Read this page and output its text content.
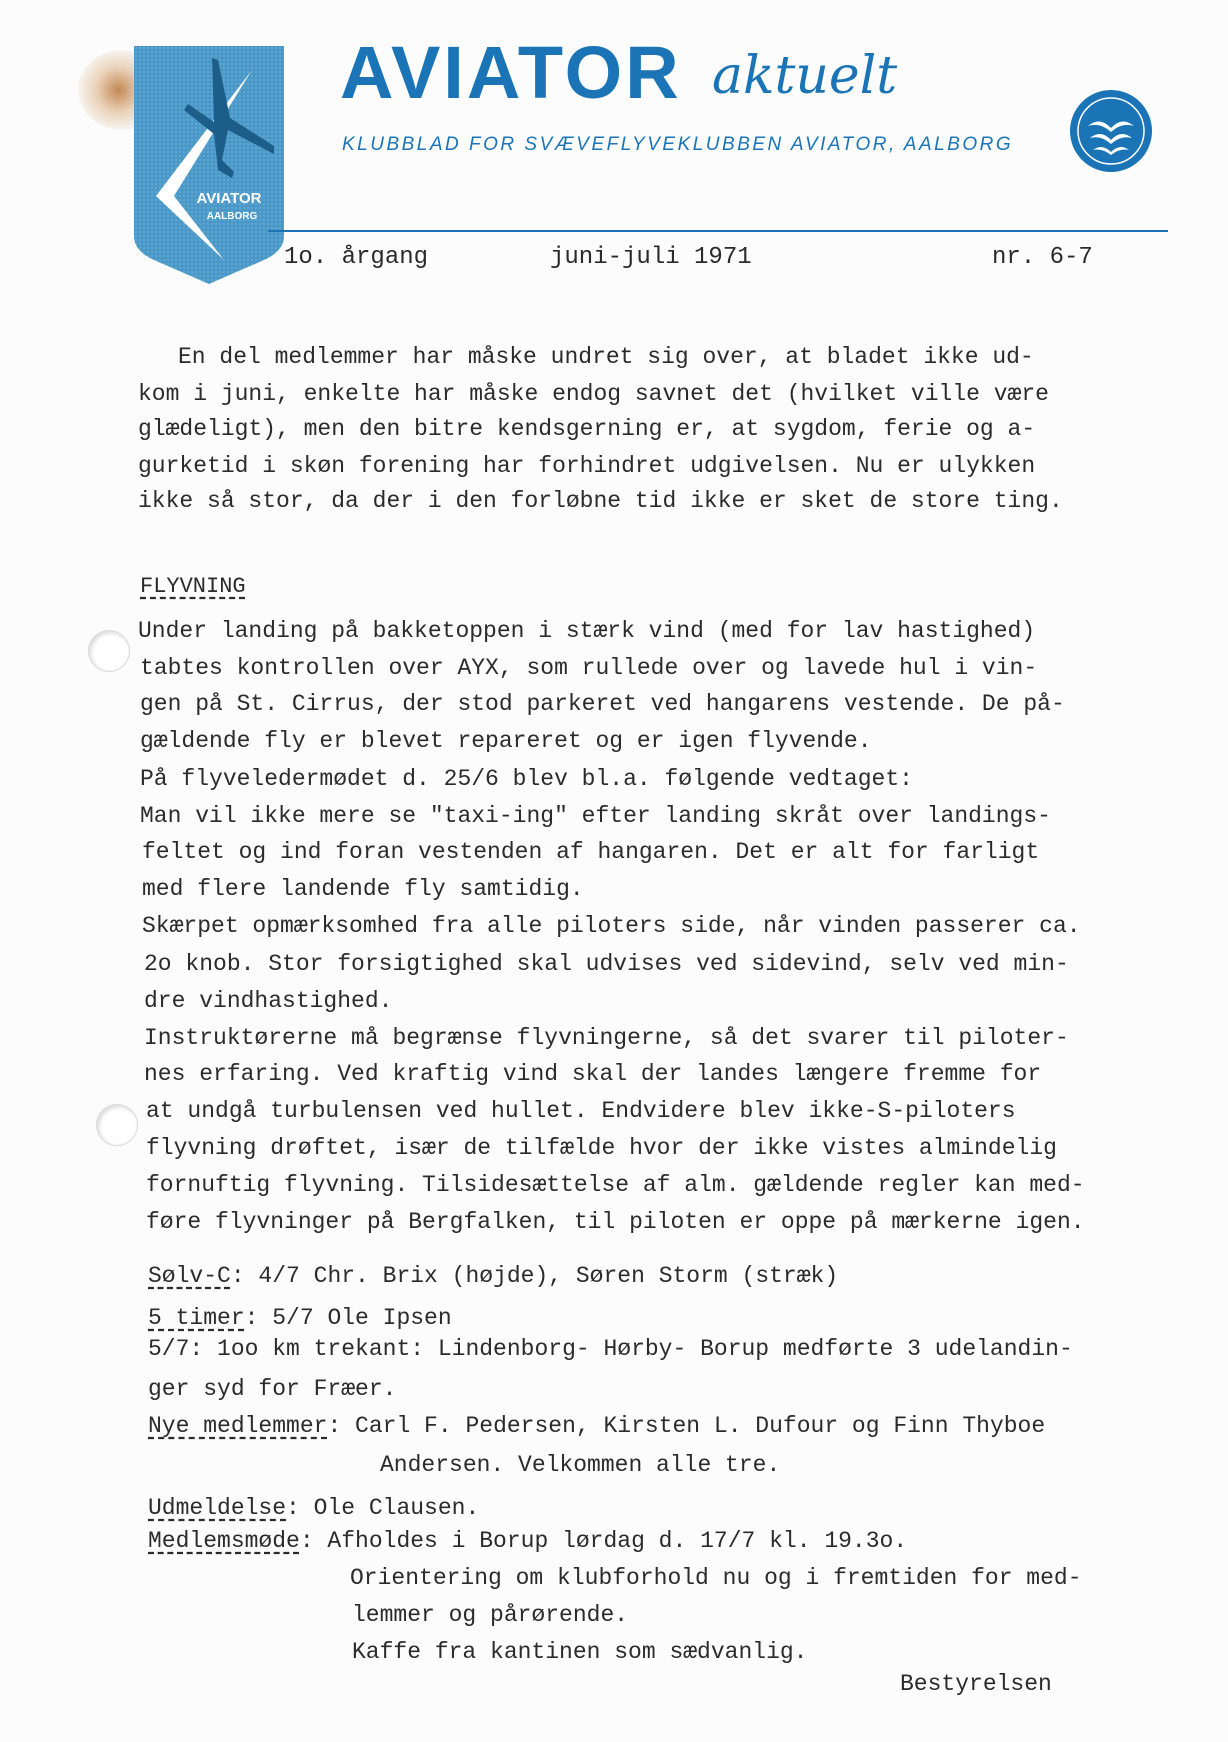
AVIATOR
AALBORG
AVIATOR aktuelt
KLUBBLAD FOR SVÆVEFLYVEKLUBBEN AVIATOR, AALBORG
1o. årgang	juni-juli 1971	nr. 6-7
En del medlemmer har måske undret sig over, at bladet ikke ud-
kom i juni, enkelte har måske endog savnet det (hvilket ville være
glædeligt), men den bitre kendsgerning er, at sygdom, ferie og a-
gurketid i skøn forening har forhindret udgivelsen. Nu er ulykken
ikke så stor, da der i den forløbne tid ikke er sket de store ting.
FLYVNING
Under landing på bakketoppen i stærk vind (med for lav hastighed)
tabtes kontrollen over AYX, som rullede over og lavede hul i vin-
gen på St. Cirrus, der stod parkeret ved hangarens vestende. De på-
gældende fly er blevet repareret og er igen flyvende.
På flyveledermødet d. 25/6 blev bl.a. følgende vedtaget:
Man vil ikke mere se "taxi-ing" efter landing skråt over landings-
feltet og ind foran vestenden af hangaren. Det er alt for farligt
med flere landende fly samtidig.
Skærpet opmærksomhed fra alle piloters side, når vinden passerer ca.
2o knob. Stor forsigtighed skal udvises ved sidevind, selv ved min-
dre vindhastighed.
Instruktørerne må begrænse flyvningerne, så det svarer til piloter-
nes erfaring. Ved kraftig vind skal der landes længere fremme for
at undgå turbulensen ved hullet. Endvidere blev ikke-S-piloters
flyvning drøftet, især de tilfælde hvor der ikke vistes almindelig
fornuftig flyvning. Tilsidesættelse af alm. gældende regler kan med-
føre flyvninger på Bergfalken, til piloten er oppe på mærkerne igen.
Sølv-C: 4/7 Chr. Brix (højde), Søren Storm (stræk)
5 timer: 5/7 Ole Ipsen
5/7: 1oo km trekant: Lindenborg- Hørby- Borup medførte 3 udelandin-
ger syd for Fræer.
Nye medlemmer: Carl F. Pedersen, Kirsten L. Dufour og Finn Thyboe
Andersen. Velkommen alle tre.
Udmeldelse: Ole Clausen.
Medlemsmøde: Afholdes i Borup lørdag d. 17/7 kl. 19.3o.
Orientering om klubforhold nu og i fremtiden for med-
lemmer og pårørende.
Kaffe fra kantinen som sædvanlig.
Bestyrelsen
